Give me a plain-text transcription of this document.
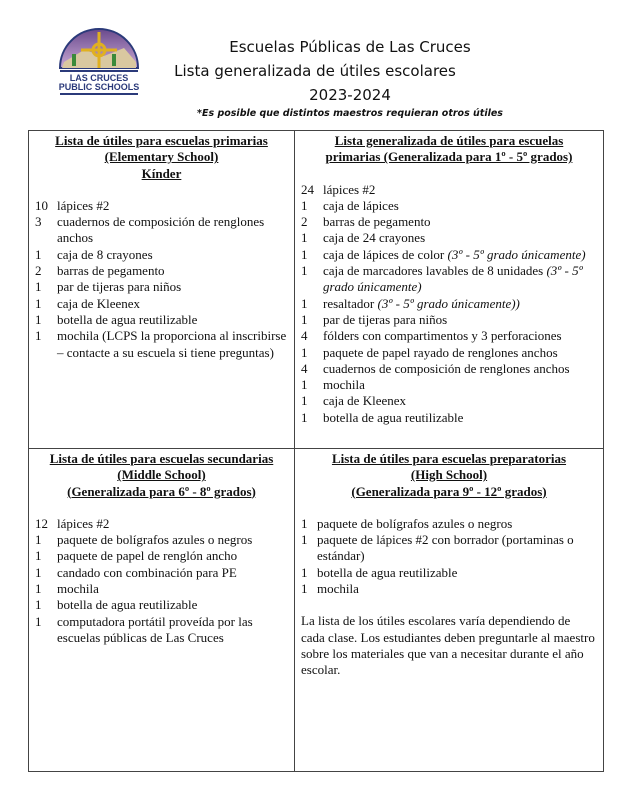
LAS CRUCES
PUBLIC SCHOOLS
Escuelas Públicas de Las Cruces
Lista generalizada de útiles escolares
2023-2024
*Es posible que distintos maestros requieran otros útiles
Lista de útiles para escuelas primarias
(Elementary School)
Kínder
10 lápices #2
3	cuadernos de composición de renglones anchos
1	caja de 8 crayones
2	barras de pegamento
1	par de tijeras para niños
1	caja de Kleenex
1	botella de agua reutilizable
1	mochila (LCPS la proporciona al inscribirse – contacte a su escuela si tiene preguntas)
Lista generalizada de útiles para escuelas
primarias (Generalizada para 1º - 5º grados)
24 lápices #2
1	caja de lápices
2	barras de pegamento
1	caja de 24 crayones
1	caja de lápices de color (3º - 5º grado únicamente)
1	caja de marcadores lavables de 8 unidades (3º - 5º grado únicamente)
1	resaltador (3º - 5º grado únicamente))
1	par de tijeras para niños
4	fólders con compartimentos y 3 perforaciones
1	paquete de papel rayado de renglones anchos
4	cuadernos de composición de renglones anchos
1	mochila
1	caja de Kleenex
1	botella de agua reutilizable
Lista de útiles para escuelas secundarias
(Middle School)
(Generalizada para 6º - 8º grados)
12 lápices #2
1	paquete de bolígrafos azules o negros
1	paquete de papel de renglón ancho
1	candado con combinación para PE
1	mochila
1	botella de agua reutilizable
1	computadora portátil proveída por las escuelas públicas de Las Cruces
Lista de útiles para escuelas preparatorias
(High School)
(Generalizada para 9º - 12º grados)
1 paquete de bolígrafos azules o negros
1 paquete de lápices #2 con borrador (portaminas o estándar)
1 botella de agua reutilizable
1 mochila
La lista de los útiles escolares varía dependiendo de cada clase. Los estudiantes deben preguntarle al maestro sobre los materiales que van a necesitar durante el año escolar.
